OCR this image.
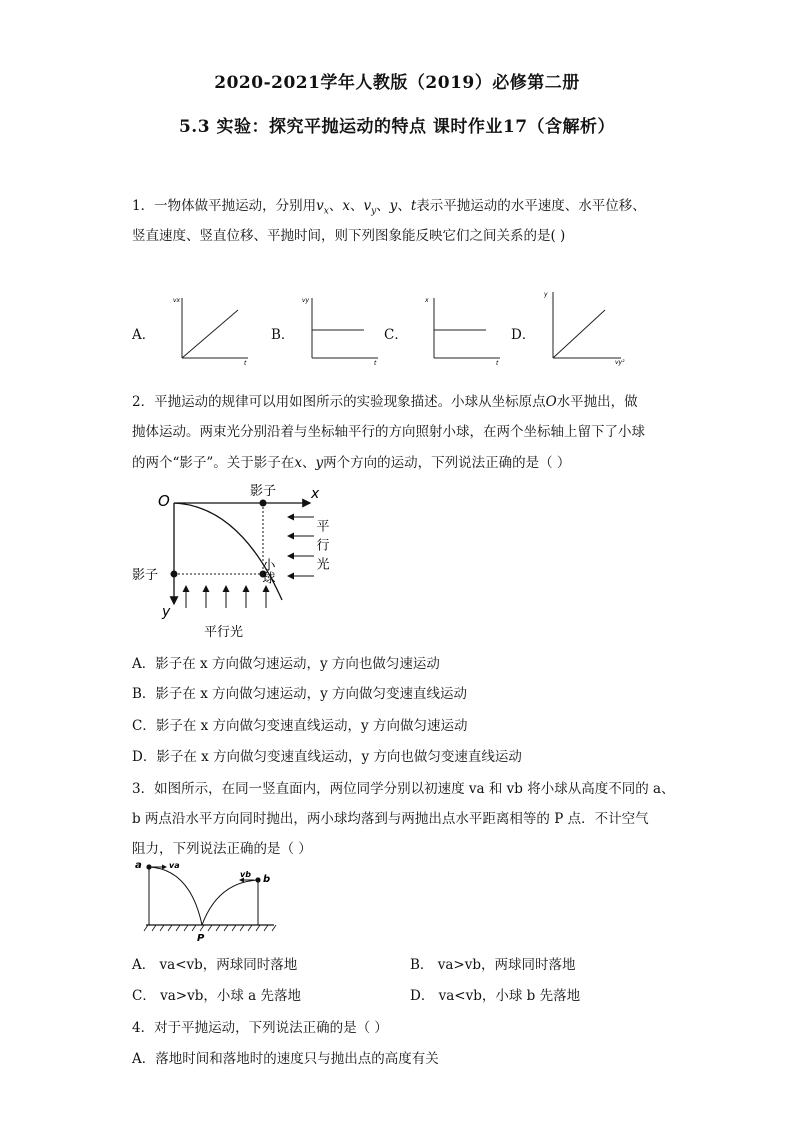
2020-2021学年人教版（2019）必修第二册
5.3 实验：探究平抛运动的特点 课时作业17（含解析）
1．一物体做平抛运动，分别用$v_x$、x、$v_y$、y、t表示平抛运动的水平速度、水平位移、
竖直速度、竖直位移、平抛时间，则下列图象能反映它们之间关系的是( )
A．
vx
t
B．
vy
t
C．
x
t
D．
y
vy²
2．平抛运动的规律可以用如图所示的实验现象描述。小球从坐标原点O水平抛出，做
抛体运动。两束光分别沿着与坐标轴平行的方向照射小球，在两个坐标轴上留下了小球
的两个“影子”。关于影子在x、y两个方向的运动，下列说法正确的是（ ）
O
影子 x
y
影子	小球	平行光
平行光
A．影子在 x 方向做匀速运动，y 方向也做匀速运动
B．影子在 x 方向做匀速运动，y 方向做匀变速直线运动
C．影子在 x 方向做匀变速直线运动，y 方向做匀速运动
D．影子在 x 方向做匀变速直线运动，y 方向也做匀变速直线运动
3．如图所示，在同一竖直面内，两位同学分别以初速度 va 和 vb 将小球从高度不同的 a、
b 两点沿水平方向同时抛出，两小球均落到与两抛出点水平距离相等的 P 点．不计空气
阻力，下列说法正确的是（ ）
a	va
vb b
P
A． va<vb，两球同时落地	B． va>vb，两球同时落地
C． va>vb，小球 a 先落地	D． va<vb，小球 b 先落地
4．对于平抛运动，下列说法正确的是（ ）
A．落地时间和落地时的速度只与抛出点的高度有关
